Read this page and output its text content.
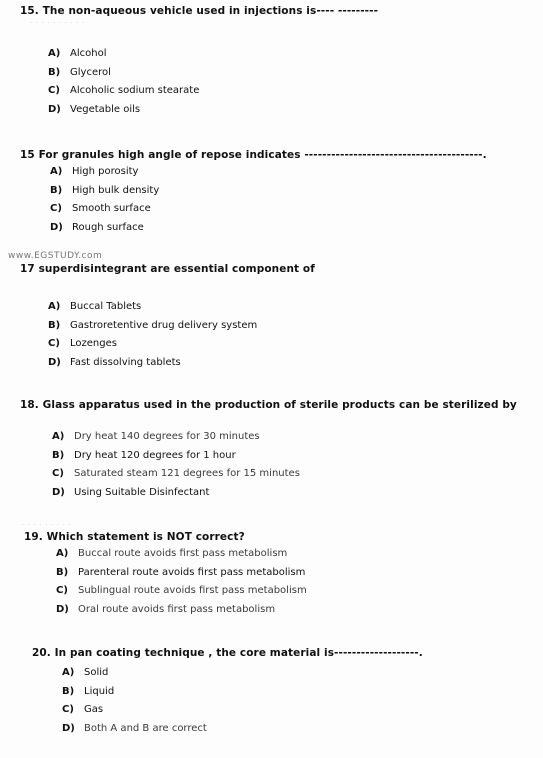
15. The non-aqueous vehicle used in injections is---- ---------
· · · · · · · · · ·
A) Alcohol
B) Glycerol
C)	Alcoholic sodium stearate
D) Vegetable oils
15 For granules high angle of repose indicates ----------------------------------------.
A) High porosity
B) High bulk density
C)	Smooth surface
D) Rough surface
www.EGSTUDY.com
17 superdisintegrant are essential component of
A) Buccal Tablets
B) Gastroretentive drug delivery system
C)	Lozenges
D) Fast dissolving tablets
18. Glass apparatus used in the production of sterile products can be sterilized by
A) Dry heat 140 degrees for 30 minutes
B) Dry heat 120 degrees for 1 hour
C)	Saturated steam 121 degrees for 15 minutes
D) Using Suitable Disinfectant
· · · · · · · · ·
19. Which statement is NOT correct?
A) Buccal route avoids first pass metabolism
B) Parenteral route avoids first pass metabolism
C)	Sublingual route avoids first pass metabolism
D) Oral route avoids first pass metabolism
20. In pan coating technique , the core material is-------------------.
A) Solid
B) Liquid
C)	Gas
D) Both A and B are correct
